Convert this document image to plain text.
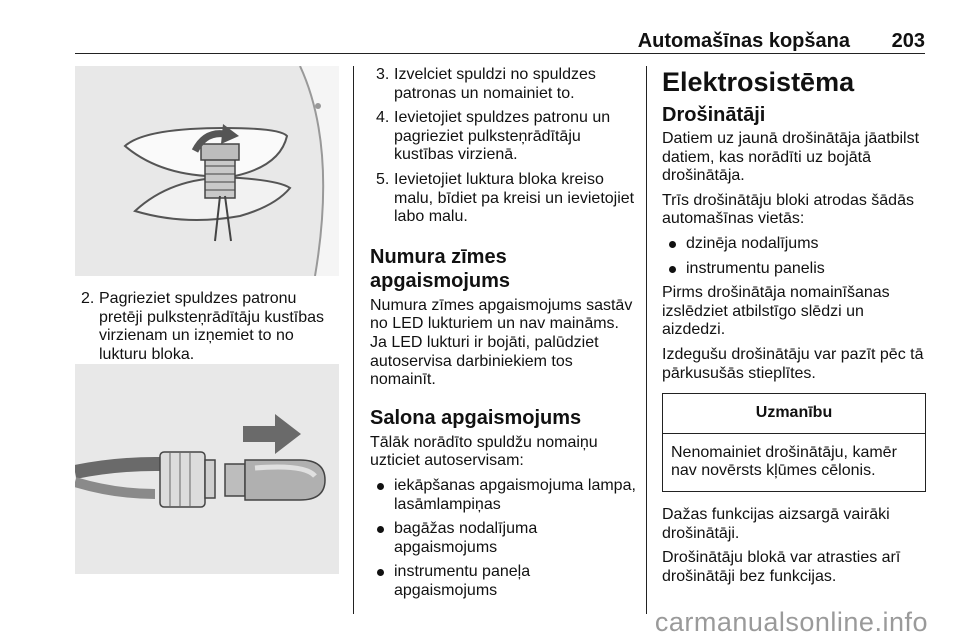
Automašīnas kopšana 203
2. Pagrieziet spuldzes patronu pretēji pulksteņrādītāju kustības virzienam un izņemiet to no lukturu bloka.
3. Izvelciet spuldzi no spuldzes patronas un nomainiet to.
4. Ievietojiet spuldzes patronu un pagrieziet pulksteņrādītāju kustības virzienā.
5. Ievietojiet luktura bloka kreiso malu, bīdiet pa kreisi un ievietojiet labo malu.
Numura zīmes apgaismojums

Numura zīmes apgaismojums sastāv no LED lukturiem un nav maināms. Ja LED lukturi ir bojāti, palūdziet autoservisa darbiniekiem tos nomainīt.

Salona apgaismojums

Tālāk norādīto spuldžu nomaiņu uzticiet autoservisam:

iekāpšanas apgaismojuma lampa, lasāmlampiņas
bagāžas nodalījuma apgaismojums
instrumentu paneļa apgaismojums
Elektrosistēma
Drošinātāji

Datiem uz jaunā drošinātāja jāatbilst datiem, kas norādīti uz bojātā drošinātāja.

Trīs drošinātāju bloki atrodas šādās automašīnas vietās:

dzinēja nodalījums
instrumentu panelis

Pirms drošinātāja nomainīšanas izslēdziet atbilstīgo slēdzi un aizdedzi.

Izdegušu drošinātāju var pazīt pēc tā pārkusušās stieplītes.

Uzmanību
Nenomainiet drošinātāju, kamēr nav novērsts kļūmes cēlonis.

Dažas funkcijas aizsargā vairāki drošinātāji.

Drošinātāju blokā var atrasties arī drošinātāji bez funkcijas.

carmanualsonline.info
